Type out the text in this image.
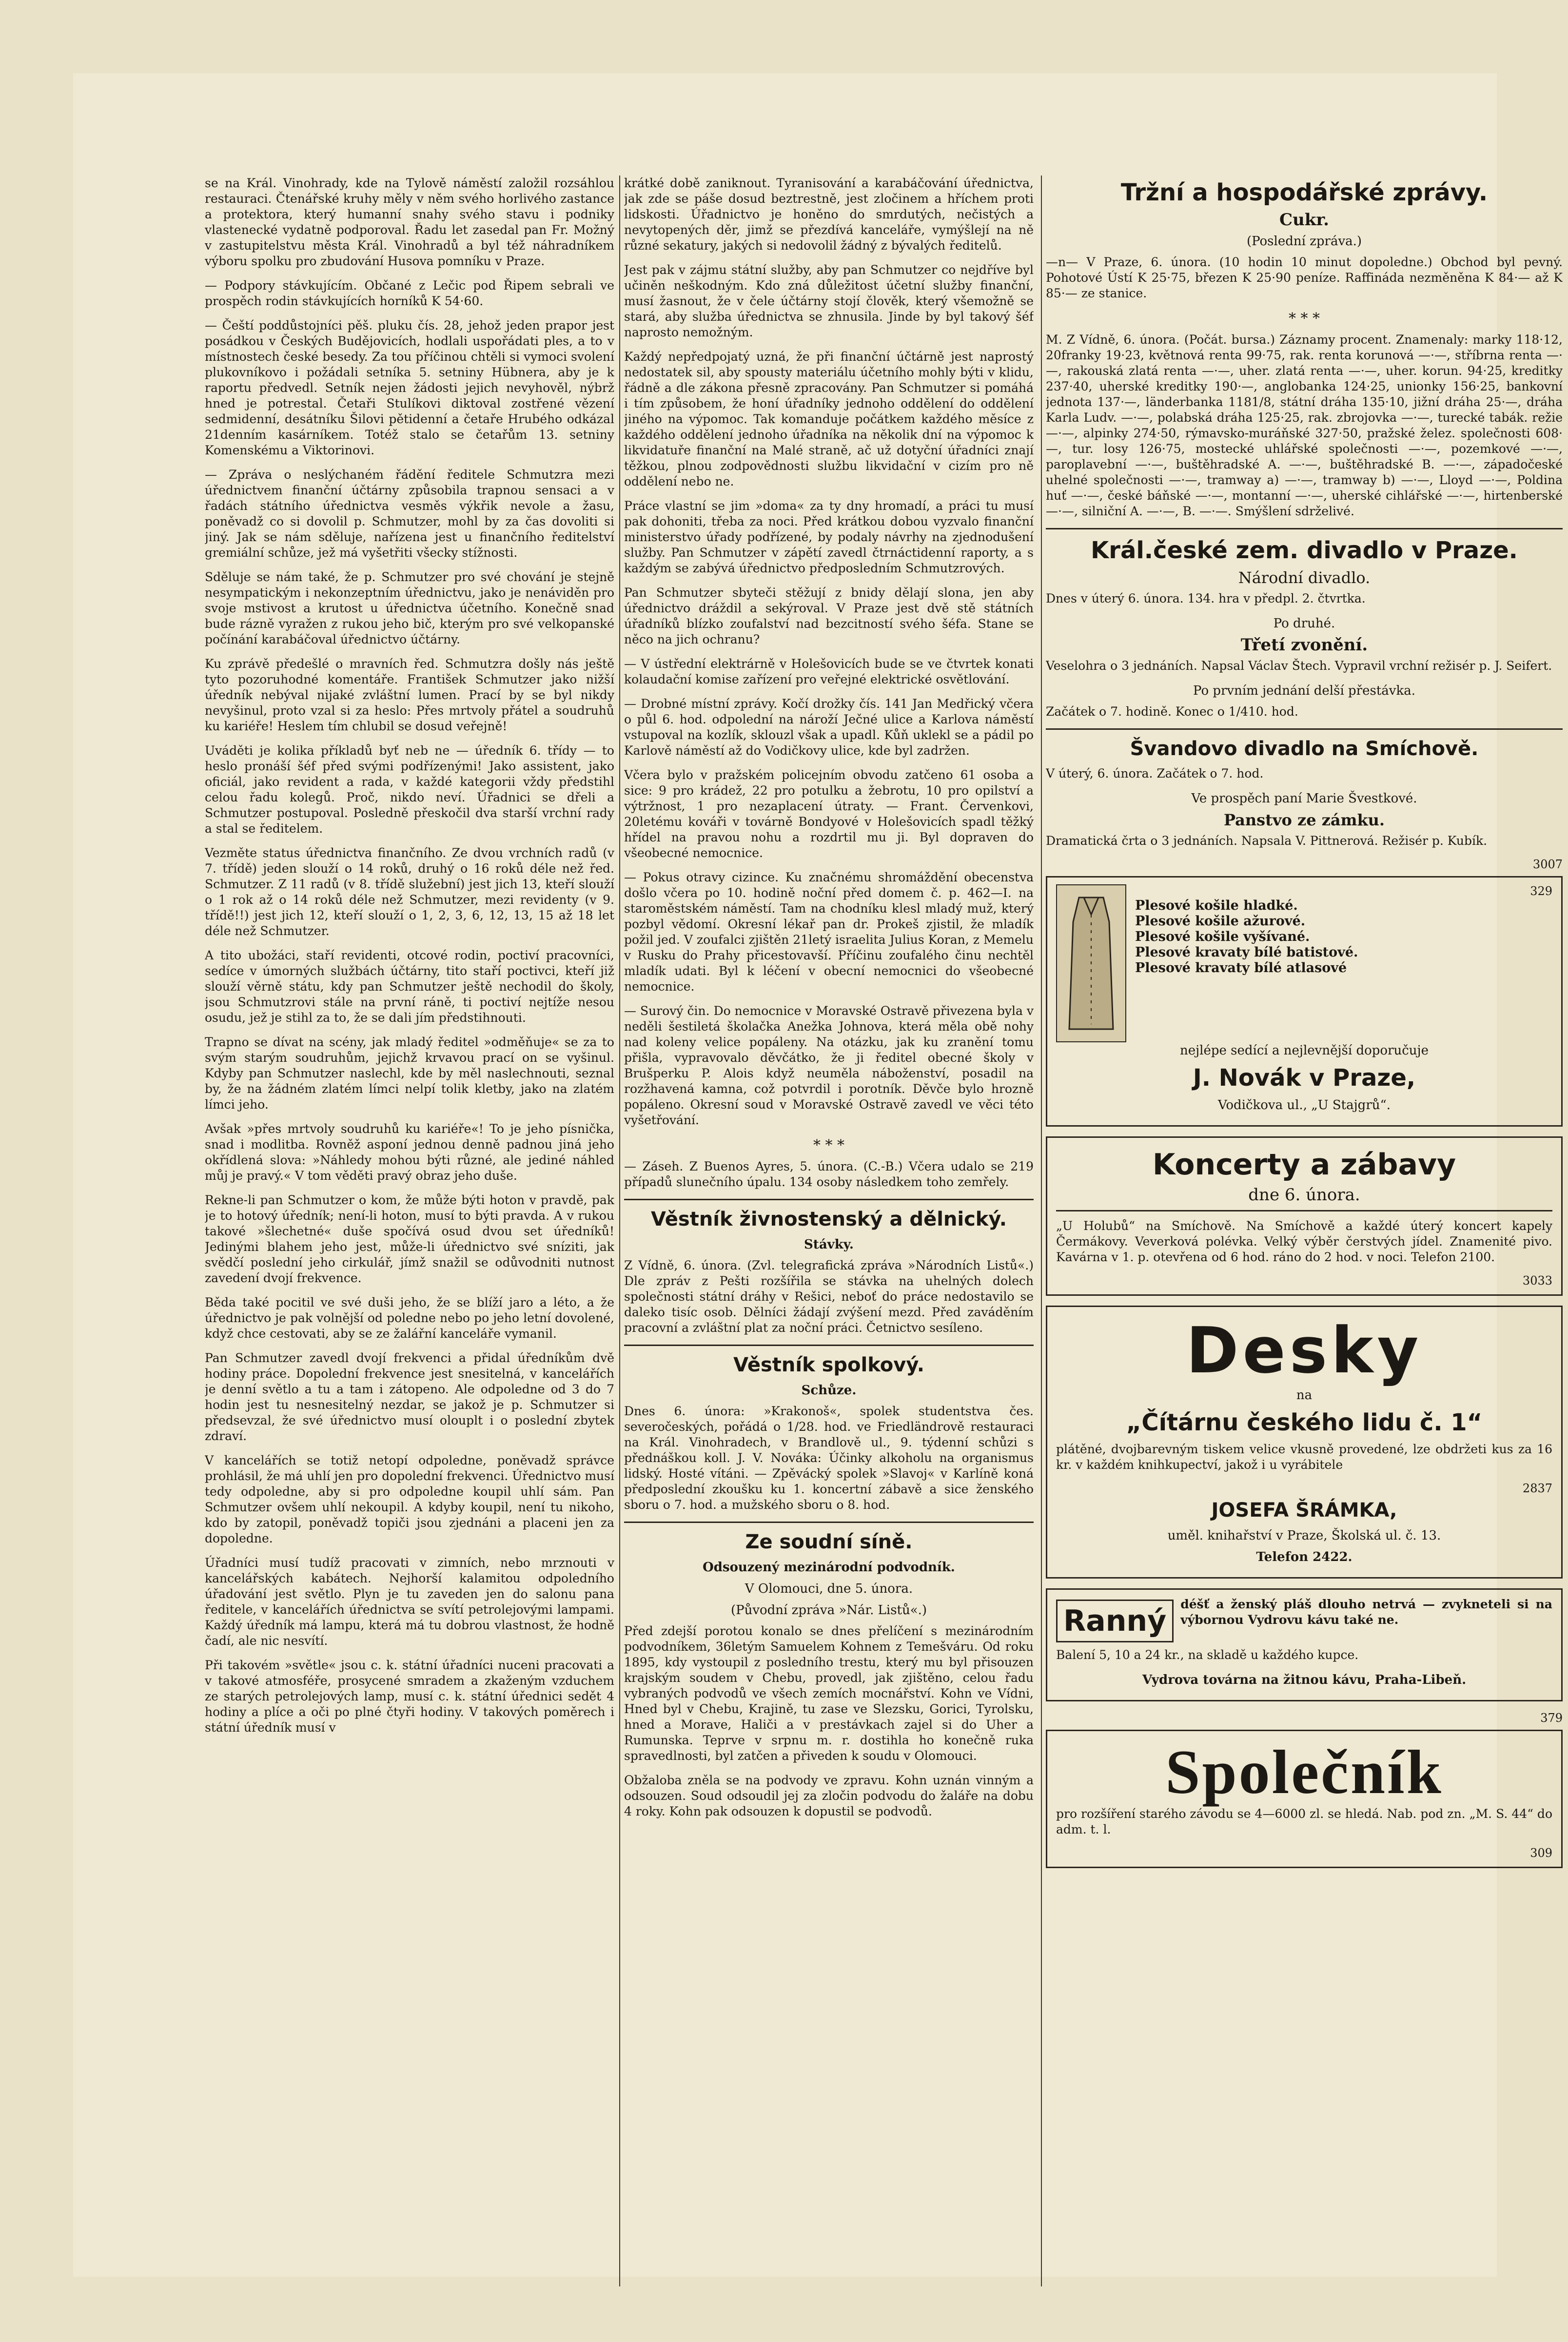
se na Král. Vinohrady, kde na Tylově náměstí založil rozsáhlou restauraci. Čtenářské kruhy měly v něm svého horlivého zastance a protektora, který humanní snahy svého stavu i podniky vlastenecké vydatně podporoval. Řadu let zasedal pan Fr. Možný v zastupitelstvu města Král. Vinohradů a byl též náhradníkem výboru spolku pro zbudování Husova pomníku v Praze.

— Podpory stávkujícím. Občané z Lečic pod Řipem sebrali ve prospěch rodin stávkujících horníků K 54·60.

— Čeští poddůstojníci pěš. pluku čís. 28, jehož jeden prapor jest posádkou v Českých Budějovicích, hodlali uspořádati ples, a to v místnostech české besedy. Za tou příčinou chtěli si vymoci svolení plukovníkovo i požádali setníka 5. setniny Hübnera, aby je k raportu předvedl. Setník nejen žádosti jejich nevyhověl, nýbrž hned je potrestal. Četaři Stulíkovi diktoval zostřené vězení sedmidenní, desátníku Šilovi pětidenní a četaře Hrubého odkázal 21denním kasárníkem. Totéž stalo se četařům 13. setniny Komenskému a Viktorinovi.

— Zpráva o neslýchaném řádění ředitele Schmutzra mezi úřednictvem finanční účtárny způsobila trapnou sensaci a v řadách státního úřednictva vesměs výkřik nevole a žasu, poněvadž co si dovolil p. Schmutzer, mohl by za čas dovoliti si jiný. Jak se nám sděluje, nařízena jest u finančního ředitelství gremiální schůze, jež má vyšetřiti všecky stížnosti.

Sděluje se nám také, že p. Schmutzer pro své chování je stejně nesympatickým i nekonzeptním úřednictvu, jako je nenáviděn pro svoje mstivost a krutost u úřednictva účetního. Konečně snad bude rázně vyražen z rukou jeho bič, kterým pro své velkopanské počínání karabáčoval úřednictvo účtárny.

Ku zprávě předešlé o mravních řed. Schmutzra došly nás ještě tyto pozoruhodné komentáře. František Schmutzer jako nižší úředník nebýval nijaké zvláštní lumen. Prací by se byl nikdy nevyšinul, proto vzal si za heslo: Přes mrtvoly přátel a soudruhů ku kariéře! Heslem tím chlubil se dosud veřejně!

Uváděti je kolika příkladů byť neb ne — úředník 6. třídy — to heslo pronáší šéf před svými podřízenými! Jako assistent, jako oficiál, jako revident a rada, v každé kategorii vždy předstihl celou řadu kolegů. Proč, nikdo neví. Úřadnici se dřeli a Schmutzer postupoval. Posledně přeskočil dva starší vrchní rady a stal se ředitelem.

Vezměte status úřednictva finančního. Ze dvou vrchních radů (v 7. třídě) jeden slouží o 14 roků, druhý o 16 roků déle než řed. Schmutzer. Z 11 radů (v 8. třídě služební) jest jich 13, kteří slouží o 1 rok až o 14 roků déle než Schmutzer, mezi revidenty (v 9. třídě!!) jest jich 12, kteří slouží o 1, 2, 3, 6, 12, 13, 15 až 18 let déle než Schmutzer.

A tito ubožáci, staří revidenti, otcové rodin, poctiví pracovníci, sedíce v úmorných službách účtárny, tito staří poctivci, kteří již slouží věrně státu, kdy pan Schmutzer ještě nechodil do školy, jsou Schmutzrovi stále na první ráně, ti poctiví nejtíže nesou osudu, jež je stihl za to, že se dali jím předstihnouti.

Trapno se dívat na scény, jak mladý ředitel »odměňuje« se za to svým starým soudruhům, jejichž krvavou prací on se vyšinul. Kdyby pan Schmutzer naslechl, kde by měl naslechnouti, seznal by, že na žádném zlatém límci nelpí tolik kletby, jako na zlatém límci jeho.

Avšak »přes mrtvoly soudruhů ku kariéře«! To je jeho písnička, snad i modlitba. Rovněž asponí jednou denně padnou jiná jeho okřídlená slova: »Náhledy mohou býti různé, ale jediné náhled můj je pravý.« V tom věděti pravý obraz jeho duše.

Rekne-li pan Schmutzer o kom, že může býti hoton v pravdě, pak je to hotový úředník; není-li hoton, musí to býti pravda. A v rukou takové »šlechetné« duše spočívá osud dvou set úředníků! Jedinými blahem jeho jest, může-li úřednictvo své sníziti, jak svědčí poslední jeho cirkulář, jímž snažil se odůvodniti nutnost zavedení dvojí frekvence.

Běda také pocitil ve své duši jeho, že se blíží jaro a léto, a že úřednictvo je pak volnější od poledne nebo po jeho letní dovolené, když chce cestovati, aby se ze žalářní kanceláře vymanil.

Pan Schmutzer zavedl dvojí frekvenci a přidal úředníkům dvě hodiny práce. Dopolední frekvence jest snesitelná, v kancelářích je denní světlo a tu a tam i zátopeno. Ale odpoledne od 3 do 7 hodin jest tu nesnesitelný nezdar, se jakož je p. Schmutzer si předsevzal, že své úřednictvo musí olouplt i o poslední zbytek zdraví.

V kancelářích se totiž netopí odpoledne, poněvadž správce prohlásil, že má uhlí jen pro dopolední frekvenci. Úřednictvo musí tedy odpoledne, aby si pro odpoledne koupil uhlí sám. Pan Schmutzer ovšem uhlí nekoupil. A kdyby koupil, není tu nikoho, kdo by zatopil, poněvadž topiči jsou zjednáni a placeni jen za dopoledne.

Úřadníci musí tudíž pracovati v zimních, nebo mrznouti v kancelářských kabátech. Nejhorší kalamitou odpoledního úřadování jest světlo. Plyn je tu zaveden jen do salonu pana ředitele, v kancelářích úřednictva se svítí petrolejovými lampami. Každý úředník má lampu, která má tu dobrou vlastnost, že hodně čadí, ale nic nesvítí.

Při takovém »světle« jsou c. k. státní úřadníci nuceni pracovati a v takové atmosféře, prosycené smradem a zkaženým vzduchem ze starých petrolejových lamp, musí c. k. státní úřednici sedět 4 hodiny a plíce a oči po plné čtyři hodiny. V takových poměrech i státní úředník musí v

krátké době zaniknout. Tyranisování a karabáčování úřednictva, jak zde se páše dosud beztrestně, jest zločinem a hříchem proti lidskosti. Úřadnictvo je honěno do smrdutých, nečistých a nevytopených děr, jimž se přezdívá kanceláře, vymýšlejí na ně různé sekatury, jakých si nedovolil žádný z bývalých ředitelů.

Jest pak v zájmu státní služby, aby pan Schmutzer co nejdříve byl učiněn neškodným. Kdo zná důležitost účetní služby finanční, musí žasnout, že v čele účtárny stojí člověk, který všemožně se stará, aby služba úřednictva se zhnusila. Jinde by byl takový šéf naprosto nemožným.

Každý nepředpojatý uzná, že při finanční účtárně jest naprostý nedostatek sil, aby spousty materiálu účetního mohly býti v klidu, řádně a dle zákona přesně zpracovány. Pan Schmutzer si pomáhá i tím způsobem, že honí úřadníky jednoho oddělení do oddělení jiného na výpomoc. Tak komanduje počátkem každého měsíce z každého oddělení jednoho úřadníka na několik dní na výpomoc k likvidatuře finanční na Malé straně, ač už dotyční úřadníci znají těžkou, plnou zodpovědnosti službu likvidační v cizím pro ně oddělení nebo ne.

Práce vlastní se jim »doma« za ty dny hromadí, a práci tu musí pak dohoniti, třeba za noci. Před krátkou dobou vyzvalo finanční ministerstvo úřady podřízené, by podaly návrhy na zjednodušení služby. Pan Schmutzer v zápětí zavedl čtrnáctidenní raporty, a s každým se zabývá úřednictvo předposledním Schmutzrových.

Pan Schmutzer sbyteči stěžují z bnidy dělají slona, jen aby úřednictvo dráždil a sekýroval. V Praze jest dvě stě státních úřadníků blízko zoufalství nad bezcitností svého šéfa. Stane se něco na jich ochranu?

— V ústřední elektrárně v Holešovicích bude se ve čtvrtek konati kolaudační komise zařízení pro veřejné elektrické osvětlování.

— Drobné místní zprávy. Kočí drožky čís. 141 Jan Medřický včera o půl 6. hod. odpolední na nároží Ječné ulice a Karlova náměstí vstupoval na kozlík, sklouzl však a upadl. Kůň uklekl se a pádil po Karlově náměstí až do Vodičkovy ulice, kde byl zadržen.

Včera bylo v pražském policejním obvodu zatčeno 61 osoba a sice: 9 pro krádež, 22 pro potulku a žebrotu, 10 pro opilství a výtržnost, 1 pro nezaplacení útraty. — Frant. Červenkovi, 20letému kováři v továrně Bondyové v Holešovicích spadl těžký hřídel na pravou nohu a rozdrtil mu ji. Byl dopraven do všeobecné nemocnice.

— Pokus otravy cizince. Ku značnému shromáždění obecenstva došlo včera po 10. hodině noční před domem č. p. 462—I. na staroměstském náměstí. Tam na chodníku klesl mladý muž, který pozbyl vědomí. Okresní lékař pan dr. Prokeš zjistil, že mladík požil jed. V zoufalci zjištěn 21letý israelita Julius Koran, z Memelu v Rusku do Prahy přicestovavší. Příčinu zoufalého činu nechtěl mladík udati. Byl k léčení v obecní nemocnici do všeobecné nemocnice.

— Surový čin. Do nemocnice v Moravské Ostravě přivezena byla v neděli šestiletá školačka Anežka Johnova, která měla obě nohy nad koleny velice popáleny. Na otázku, jak ku zranění tomu přišla, vypravovalo děvčátko, že ji ředitel obecné školy v Brušperku P. Alois když neuměla náboženství, posadil na rozžhavená kamna, což potvrdil i porotník. Děvče bylo hrozně popáleno. Okresní soud v Moravské Ostravě zavedl ve věci této vyšetřování.

* * *

— Záseh. Z Buenos Ayres, 5. února. (C.-B.) Včera udalo se 219 případů slunečního úpalu. 134 osoby následkem toho zemřely.

Věstník živnostenský a dělnický.
Stávky.

Z Vídně, 6. února. (Zvl. telegrafická zpráva »Národních Listů«.) Dle zpráv z Pešti rozšířila se stávka na uhelných dolech společnosti státní dráhy v Rešici, neboť do práce nedostavilo se daleko tisíc osob. Dělníci žádají zvýšení mezd. Před zaváděním pracovní a zvláštní plat za noční práci. Četnictvo sesíleno.

Věstník spolkový.
Schůze.

Dnes 6. února: »Krakonoš«, spolek studentstva čes. severočeských, pořádá o 1/28. hod. ve Friedländrově restauraci na Král. Vinohradech, v Brandlově ul., 9. týdenní schůzi s přednáškou koll. J. V. Nováka: Účinky alkoholu na organismus lidský. Hosté vítáni. — Zpěvácký spolek »Slavoj« v Karlíně koná předposlední zkoušku ku 1. koncertní zábavě a sice ženského sboru o 7. hod. a mužského sboru o 8. hod.

Ze soudní síně.
Odsouzený mezinárodní podvodník.
V Olomouci, dne 5. února.
(Původní zpráva »Nár. Listů«.)

Před zdejší porotou konalo se dnes přelíčení s mezinárodním podvodníkem, 36letým Samuelem Kohnem z Temešváru. Od roku 1895, kdy vystoupil z posledního trestu, který mu byl přisouzen krajským soudem v Chebu, provedl, jak zjištěno, celou řadu vybraných podvodů ve všech zemích mocnářství. Kohn ve Vídni, Hned byl v Chebu, Krajině, tu zase ve Slezsku, Gorici, Tyrolsku, hned a Morave, Haliči a v prestávkach zajel si do Uher a Rumunska. Teprve v srpnu m. r. dostihla ho konečně ruka spravedlnosti, byl zatčen a přiveden k soudu v Olomouci.

Obžaloba zněla se na podvody ve zpravu. Kohn uznán vinným a odsouzen. Soud odsoudil jej za zločin podvodu do žaláře na dobu 4 roky. Kohn pak odsouzen k dopustil se podvodů.

Tržní a hospodářské zprávy.
Cukr.
(Poslední zpráva.)

—n— V Praze, 6. února. (10 hodin 10 minut dopoledne.) Obchod byl pevný. Pohotové Ústí K 25·75, březen K 25·90 peníze. Raffináda nezměněna K 84·— až K 85·— ze stanice.

* * *

M. Z Vídně, 6. února. (Počát. bursa.) Záznamy procent. Znamenaly: marky 118·12, 20franky 19·23, květnová renta 99·75, rak. renta korunová —·—, stříbrna renta —·—, rakouská zlatá renta —·—, uher. zlatá renta —·—, uher. korun. 94·25, kreditky 237·40, uherské kreditky 190·—, anglobanka 124·25, unionky 156·25, bankovní jednota 137·—, länderbanka 1181/8, státní dráha 135·10, jižní dráha 25·—, dráha Karla Ludv. —·—, polabská dráha 125·25, rak. zbrojovka —·—, turecké tabák. režie —·—, alpinky 274·50, rýmavsko-muráňské 327·50, pražské želez. společnosti 608·—, tur. losy 126·75, mostecké uhlářské společnosti —·—, pozemkové —·—, paroplavební —·—, buštěhradské A. —·—, buštěhradské B. —·—, západočeské uhelné společnosti —·—, tramway a) —·—, tramway b) —·—, Lloyd —·—, Poldina huť —·—, české báňské —·—, montanní —·—, uherské cihlářské —·—, hirtenberské —·—, silniční A. —·—, B. —·—. Smýšlení sdrželivé.

Král.české zem. divadlo v Praze.
Národní divadlo.

Dnes v úterý 6. února. 134. hra v předpl. 2. čtvrtka.

Po druhé.
Třetí zvonění.

Veselohra o 3 jednáních. Napsal Václav Štech. Vypravil vrchní režisér p. J. Seifert.

Po prvním jednání delší přestávka.

Začátek o 7. hodině. Konec o 1/410. hod.

Švandovo divadlo na Smíchově.

V úterý, 6. února. Začátek o 7. hod.

Ve prospěch paní Marie Švestkové.
Panstvo ze zámku.

Dramatická črta o 3 jednáních. Napsala V. Pittnerová. Režisér p. Kubík.

3007
329

Plesové košile hladké.
Plesové košile ažurové.
Plesové košile vyšívané.
Plesové kravaty bílé batistové.
Plesové kravaty bílé atlasové

nejlépe sedící a nejlevnější doporučuje
J. Novák v Praze,
Vodičkova ul., „U Stajgrů“.
Koncerty a zábavy
dne 6. února.

„U Holubů“ na Smíchově. Na Smíchově a každé úterý koncert kapely Čermákovy. Veverková polévka. Velký výběr čerstvých jídel. Znamenité pivo. Kavárna v 1. p. otevřena od 6 hod. ráno do 2 hod. v noci. Telefon 2100.

3033
Desky
na
„Čítárnu českého lidu č. 1“

plátěné, dvojbarevným tiskem velice vkusně provedené, lze obdržeti kus za 16 kr. v každém knihkupectví, jakož i u vyrábitele

2837
JOSEFA ŠRÁMKA,
uměl. knihařství v Praze, Školská ul. č. 13.
Telefon 2422.
Ranný	déšť a ženský pláš dlouho netrvá — zvykneteli si na výbornou Vydrovu kávu také ne.

Balení 5, 10 a 24 kr., na skladě u každého kupce.

Vydrova továrna na žitnou kávu, Praha-Libeň.
379
Společník

pro rozšíření starého závodu se 4—6000 zl. se hledá. Nab. pod zn. „M. S. 44“ do adm. t. l.

309
